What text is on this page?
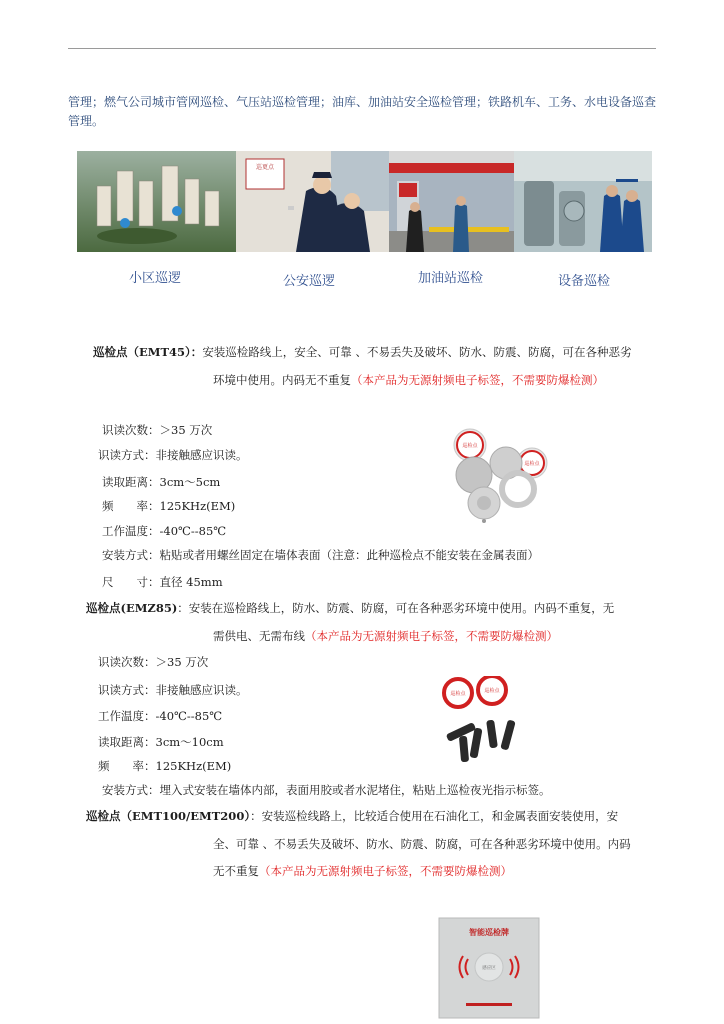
管理；燃气公司城市管网巡检、气压站巡检管理；油库、加油站安全巡检管理；铁路机车、工务、水电设备巡查管理。
巡更点
小区巡逻	公安巡逻	加油站巡检	设备巡检
巡检点（EMT45）：安装巡检路线上，安全、可靠 、不易丢失及破坏、防水、防震、防腐，可在各种恶劣
环境中使用。内码无不重复（本产品为无源射频电子标签，不需要防爆检测）
识读次数：＞35 万次
识读方式：非接触感应识读。
读取距离：3cm～5cm
频　　率：125KHz(EM)
工作温度：-40℃--85℃
安装方式：粘贴或者用螺丝固定在墙体表面（注意：此种巡检点不能安装在金属表面）
尺　　寸：直径 45mm
巡检点
巡检点
巡检点(EMZ85)：安装在巡检路线上，防水、防震、防腐，可在各种恶劣环境中使用。内码不重复，无
需供电、无需布线（本产品为无源射频电子标签，不需要防爆检测）
识读次数：＞35 万次
识读方式：非接触感应识读。
工作温度：-40℃--85℃
读取距离：3cm～10cm
频　　率：125KHz(EM)
安装方式：埋入式安装在墙体内部，表面用胶或者水泥堵住，粘贴上巡检夜光指示标签。
巡检点	巡检点
巡检点（EMT100/EMT200）：安装巡检线路上，比较适合使用在石油化工，和金属表面安装使用，安
全、可靠 、不易丢失及破坏、防水、防震、防腐，可在各种恶劣环境中使用。内码
无不重复（本产品为无源射频电子标签，不需要防爆检测）
智能巡检牌
感应区
